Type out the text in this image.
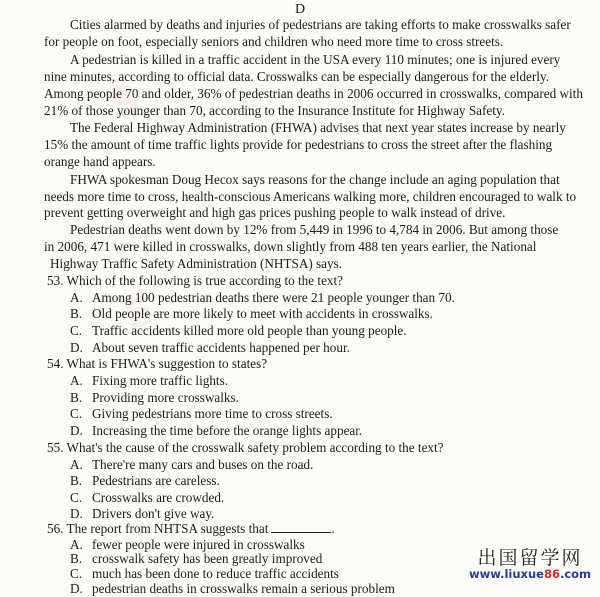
S
S
D
Cities alarmed by deaths and injuries of pedestrians are taking efforts to make crosswalks safer
for people on foot, especially seniors and children who need more time to cross streets.
A pedestrian is killed in a traffic accident in the USA every 110 minutes; one is injured every
nine minutes, according to official data. Crosswalks can be especially dangerous for the elderly.
Among people 70 and older, 36% of pedestrian deaths in 2006 occurred in crosswalks, compared with
21% of those younger than 70, according to the Insurance Institute for Highway Safety.
The Federal Highway Administration (FHWA) advises that next year states increase by nearly
15% the amount of time traffic lights provide for pedestrians to cross the street after the flashing
orange hand appears.
FHWA spokesman Doug Hecox says reasons for the change include an aging population that
needs more time to cross, health-conscious Americans walking more, children encouraged to walk to
prevent getting overweight and high gas prices pushing people to walk instead of drive.
Pedestrian deaths went down by 12% from 5,449 in 1996 to 4,784 in 2006. But among those
in 2006, 471 were killed in crosswalks, down slightly from 488 ten years earlier, the National
Highway Traffic Safety Administration (NHTSA) says.
53. Which of the following is true according to the text?
A. Among 100 pedestrian deaths there were 21 people younger than 70.
B. Old people are more likely to meet with accidents in crosswalks.
C. Traffic accidents killed more old people than young people.
D. About seven traffic accidents happened per hour.
54. What is FHWA's suggestion to states?
A. Fixing more traffic lights.
B. Providing more crosswalks.
C. Giving pedestrians more time to cross streets.
D. Increasing the time before the orange lights appear.
55. What's the cause of the crosswalk safety problem according to the text?
A. There're many cars and buses on the road.
B. Pedestrians are careless.
C. Crosswalks are crowded.
D. Drivers don't give way.
56. The report from NHTSA suggests that	.
A. fewer people were injured in crosswalks
B. crosswalk safety has been greatly improved
C. much has been done to reduce traffic accidents
D. pedestrian deaths in crosswalks remain a serious problem
出国留学网
www.liuxue86.com
